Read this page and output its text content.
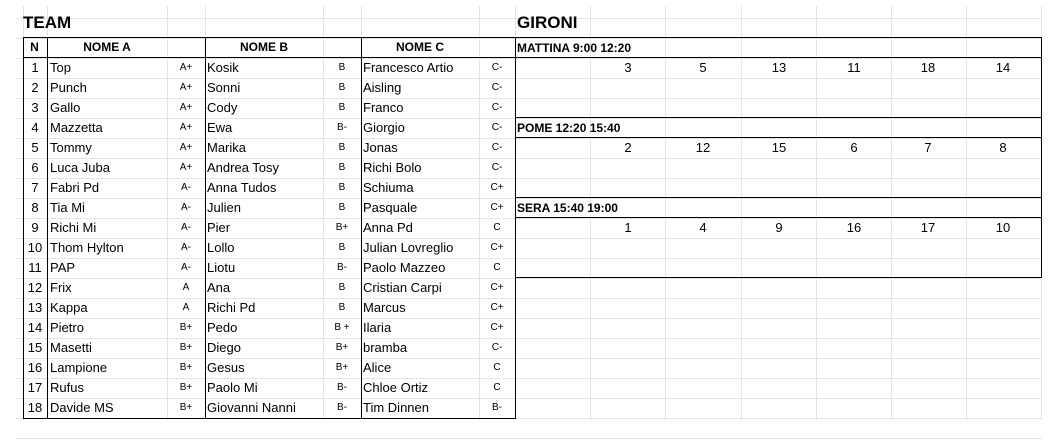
TEAM	GIRONI
N	NOME A	NOME B	NOME C
1 Top	A+	Kosik	B	Francesco Artio	C-
2 Punch	A+	Sonni	B	Aisling	C-
3 Gallo	A+	Cody	B	Franco	C-
4 Mazzetta	A+	Ewa	B-	Giorgio	C-
5 Tommy	A+	Marika	B	Jonas	C-
6 Luca Juba	A+	Andrea Tosy	B	Richi Bolo	C-
7 Fabri Pd	A-	Anna Tudos	B	Schiuma	C+
8 Tia Mi	A-	Julien	B	Pasquale	C+
9 Richi Mi	A-	Pier	B+	Anna Pd	C
10 Thom Hylton	A-	Lollo	B	Julian Lovreglio	C+
11 PAP	A-	Liotu	B-	Paolo Mazzeo	C
12 Frix	A	Ana	B	Cristian Carpi	C+
13 Kappa	A	Richi Pd	B	Marcus	C+
14 Pietro	B+	Pedo	B +	Ilaria	C+
15 Masetti	B+	Diego	B+	bramba	C-
16 Lampione	B+	Gesus	B+	Alice	C
17 Rufus	B+	Paolo Mi	B-	Chloe Ortiz	C
18 Davide MS	B+	Giovanni Nanni	B-	Tim Dinnen	B-
MATTINA 9:00 12:20
3	5	13	11	18	14
POME 12:20 15:40
2	12	15	6	7	8
SERA 15:40 19:00
1	4	9	16	17	10
